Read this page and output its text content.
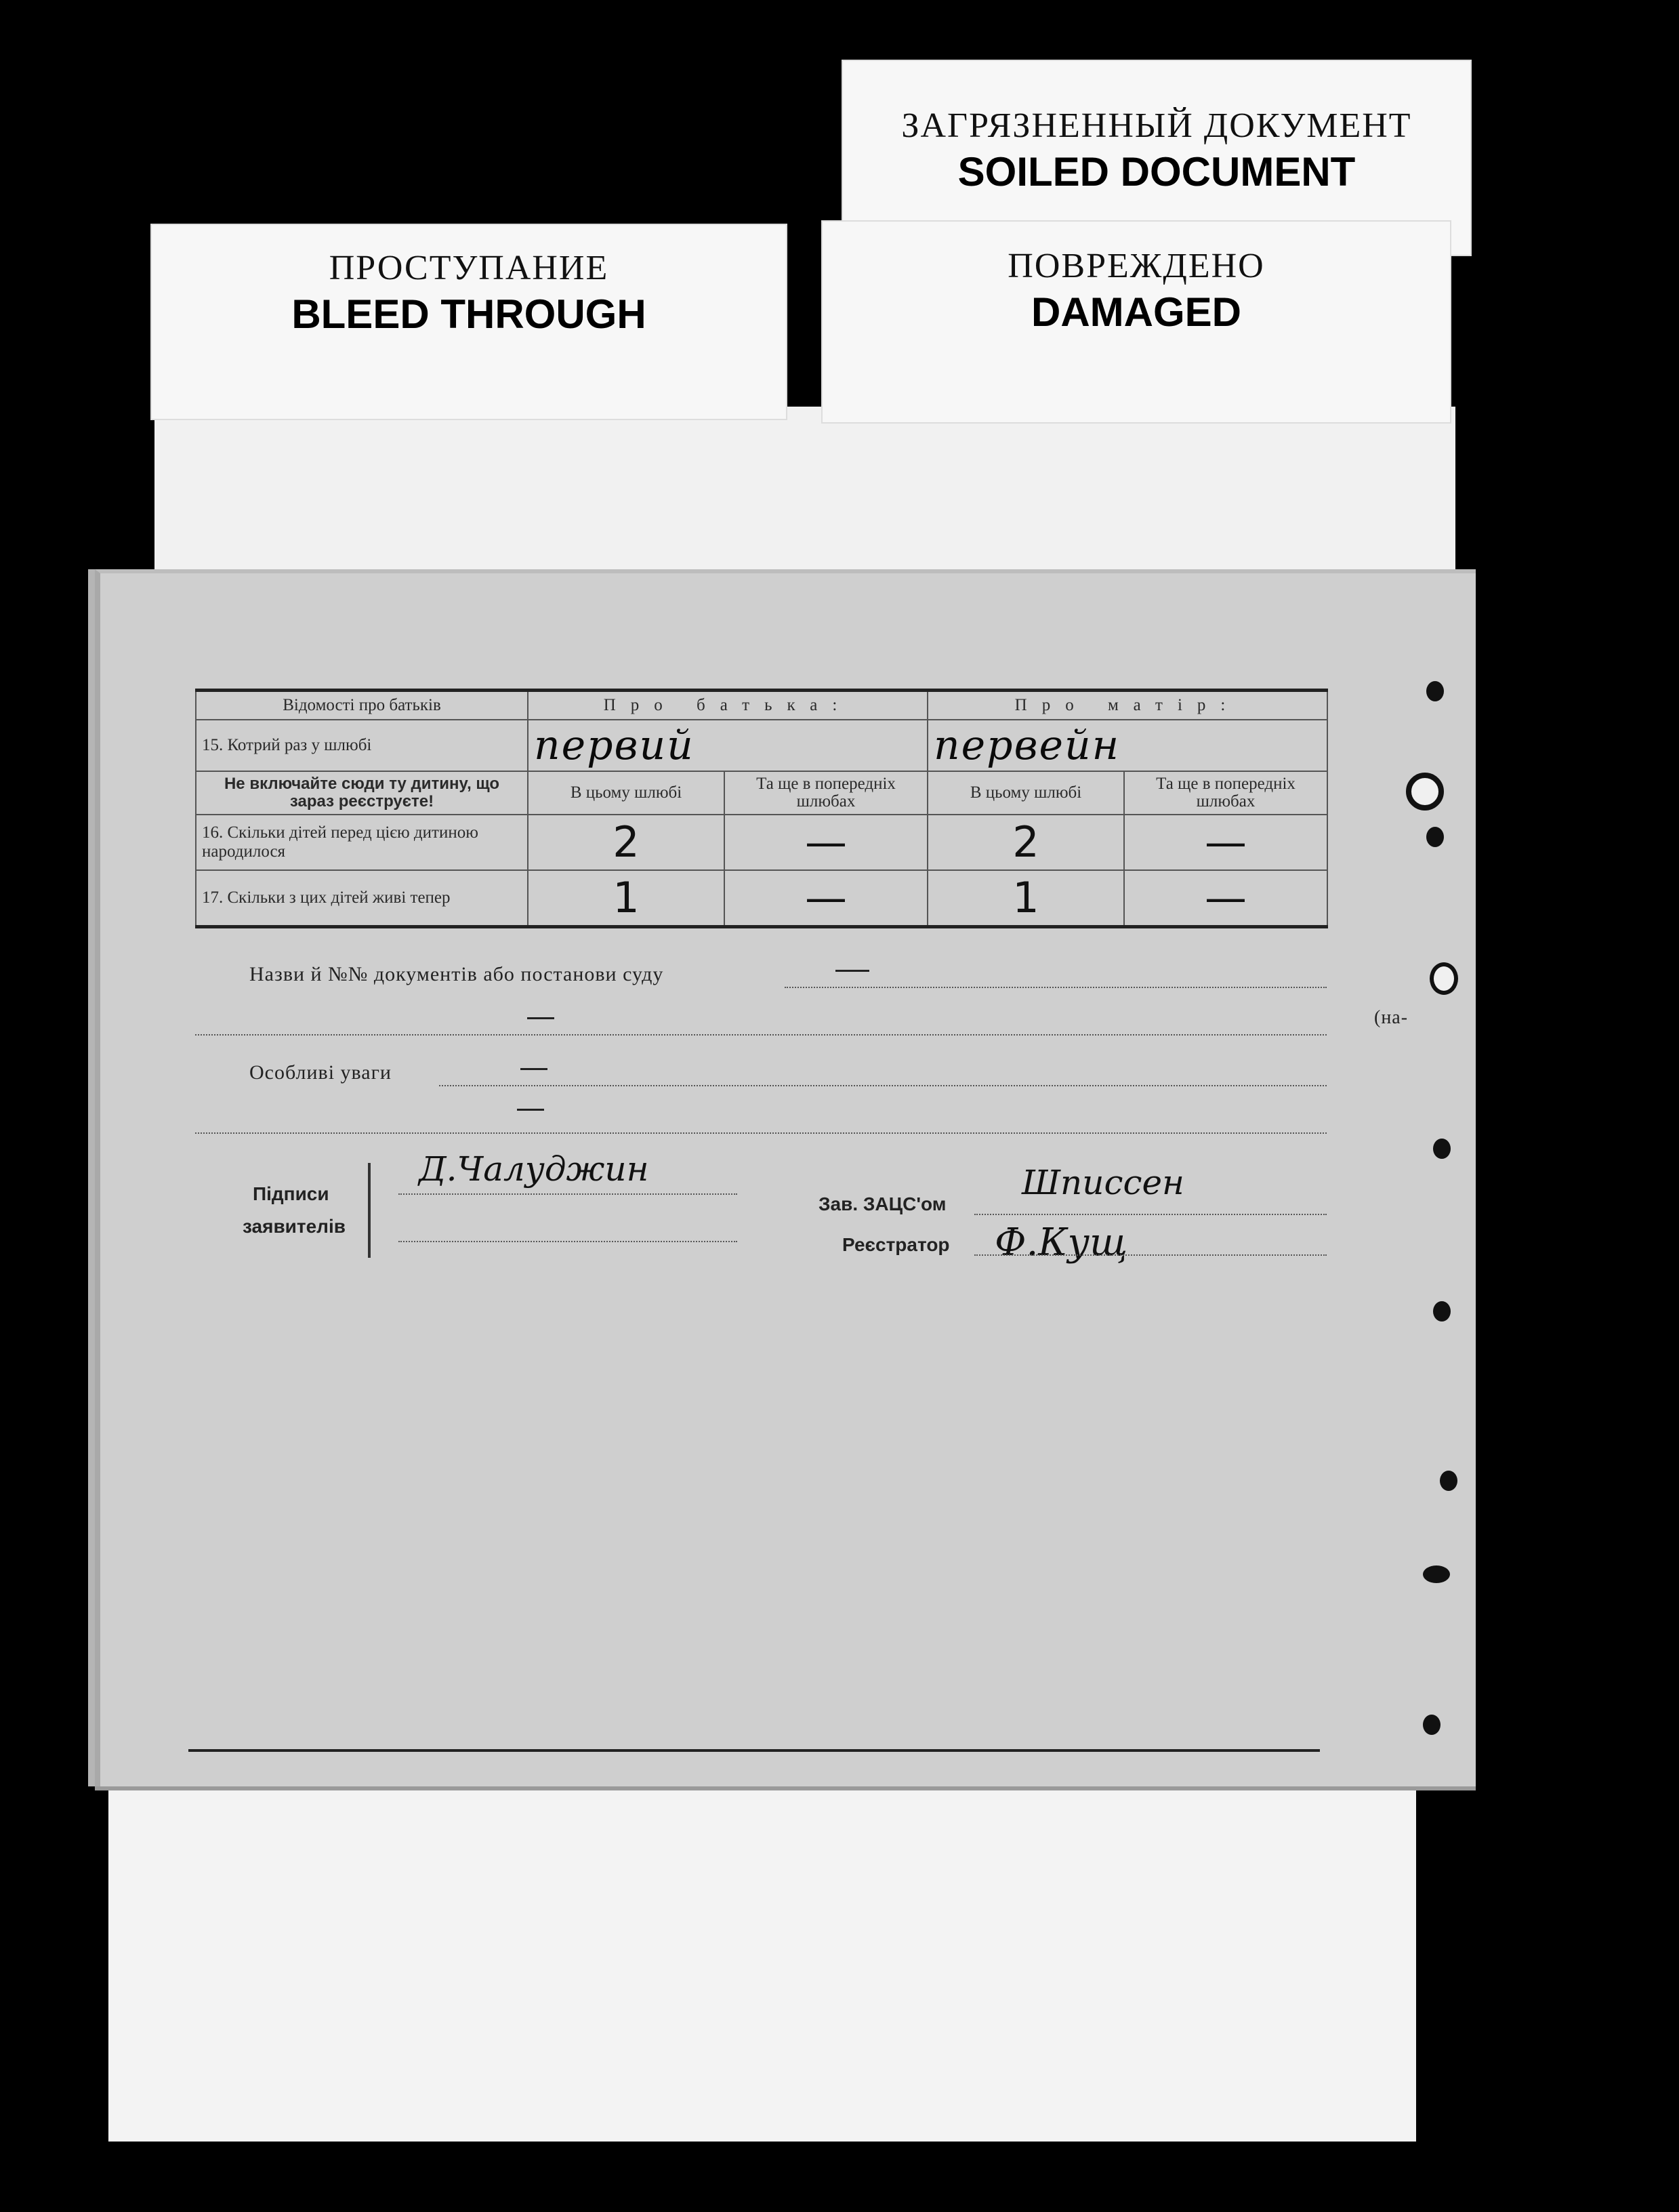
ЗАГРЯЗНЕННЫЙ ДОКУМЕНТ
SOILED DOCUMENT
ПРОСТУПАНИЕ
BLEED THROUGH
ПОВРЕЖДЕНО
DAMAGED
Відомості про батьків	Про батька:		Про матір:	
15. Котрий раз у шлюбі	первий		первейн	
Не включайте сюди ту дитину, що зараз реєструєте!	В цьому шлюбі	Та ще в попередніх шлюбах	В цьому шлюбі	Та ще в попередніх шлюбах
16. Скільки дітей перед цією дитиною народилося	2	—	2	—
17. Скільки з цих дітей живі тепер	1	—	1	—
Назви й №№ документів або постанови суду
(на-
Особливі уваги
Підписи
заявителів
Д.Чалуджин
Зав. ЗАЦС'ом
Шписсен
Реєстратор Ф.Кущ
